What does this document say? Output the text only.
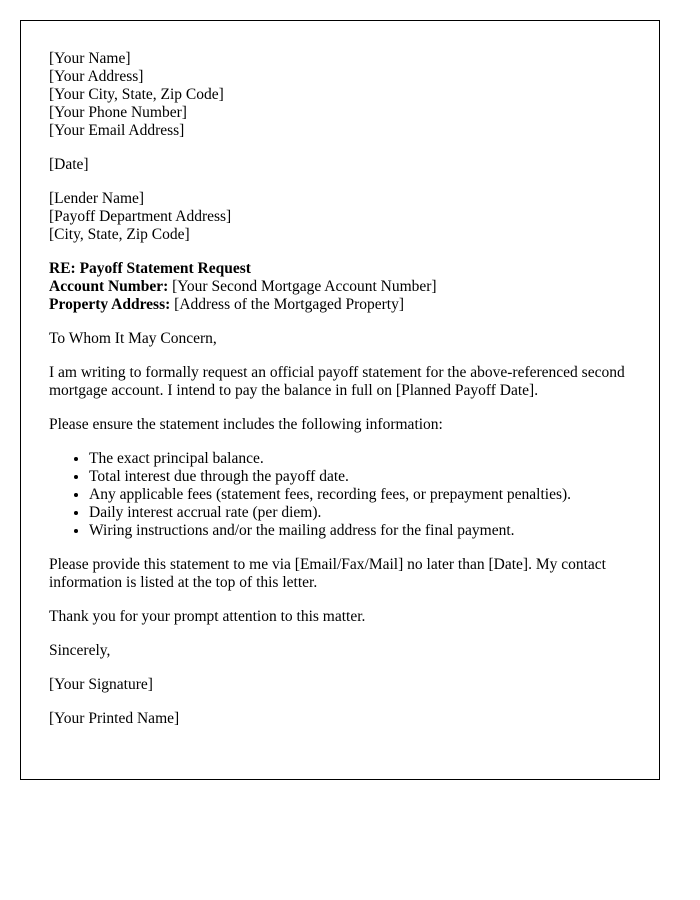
[Your Name]
[Your Address]
[Your City, State, Zip Code]
[Your Phone Number]
[Your Email Address]
[Date]
[Lender Name]
[Payoff Department Address]
[City, State, Zip Code]
RE: Payoff Statement Request
Account Number: [Your Second Mortgage Account Number]
Property Address: [Address of the Mortgaged Property]

To Whom It May Concern,

I am writing to formally request an official payoff statement for the above-referenced second mortgage account. I intend to pay the balance in full on [Planned Payoff Date].

Please ensure the statement includes the following information:

• The exact principal balance.
• Total interest due through the payoff date.
• Any applicable fees (statement fees, recording fees, or prepayment penalties).
• Daily interest accrual rate (per diem).
• Wiring instructions and/or the mailing address for the final payment.

Please provide this statement to me via [Email/Fax/Mail] no later than [Date]. My contact information is listed at the top of this letter.

Thank you for your prompt attention to this matter.

Sincerely,

[Your Signature]

[Your Printed Name]
